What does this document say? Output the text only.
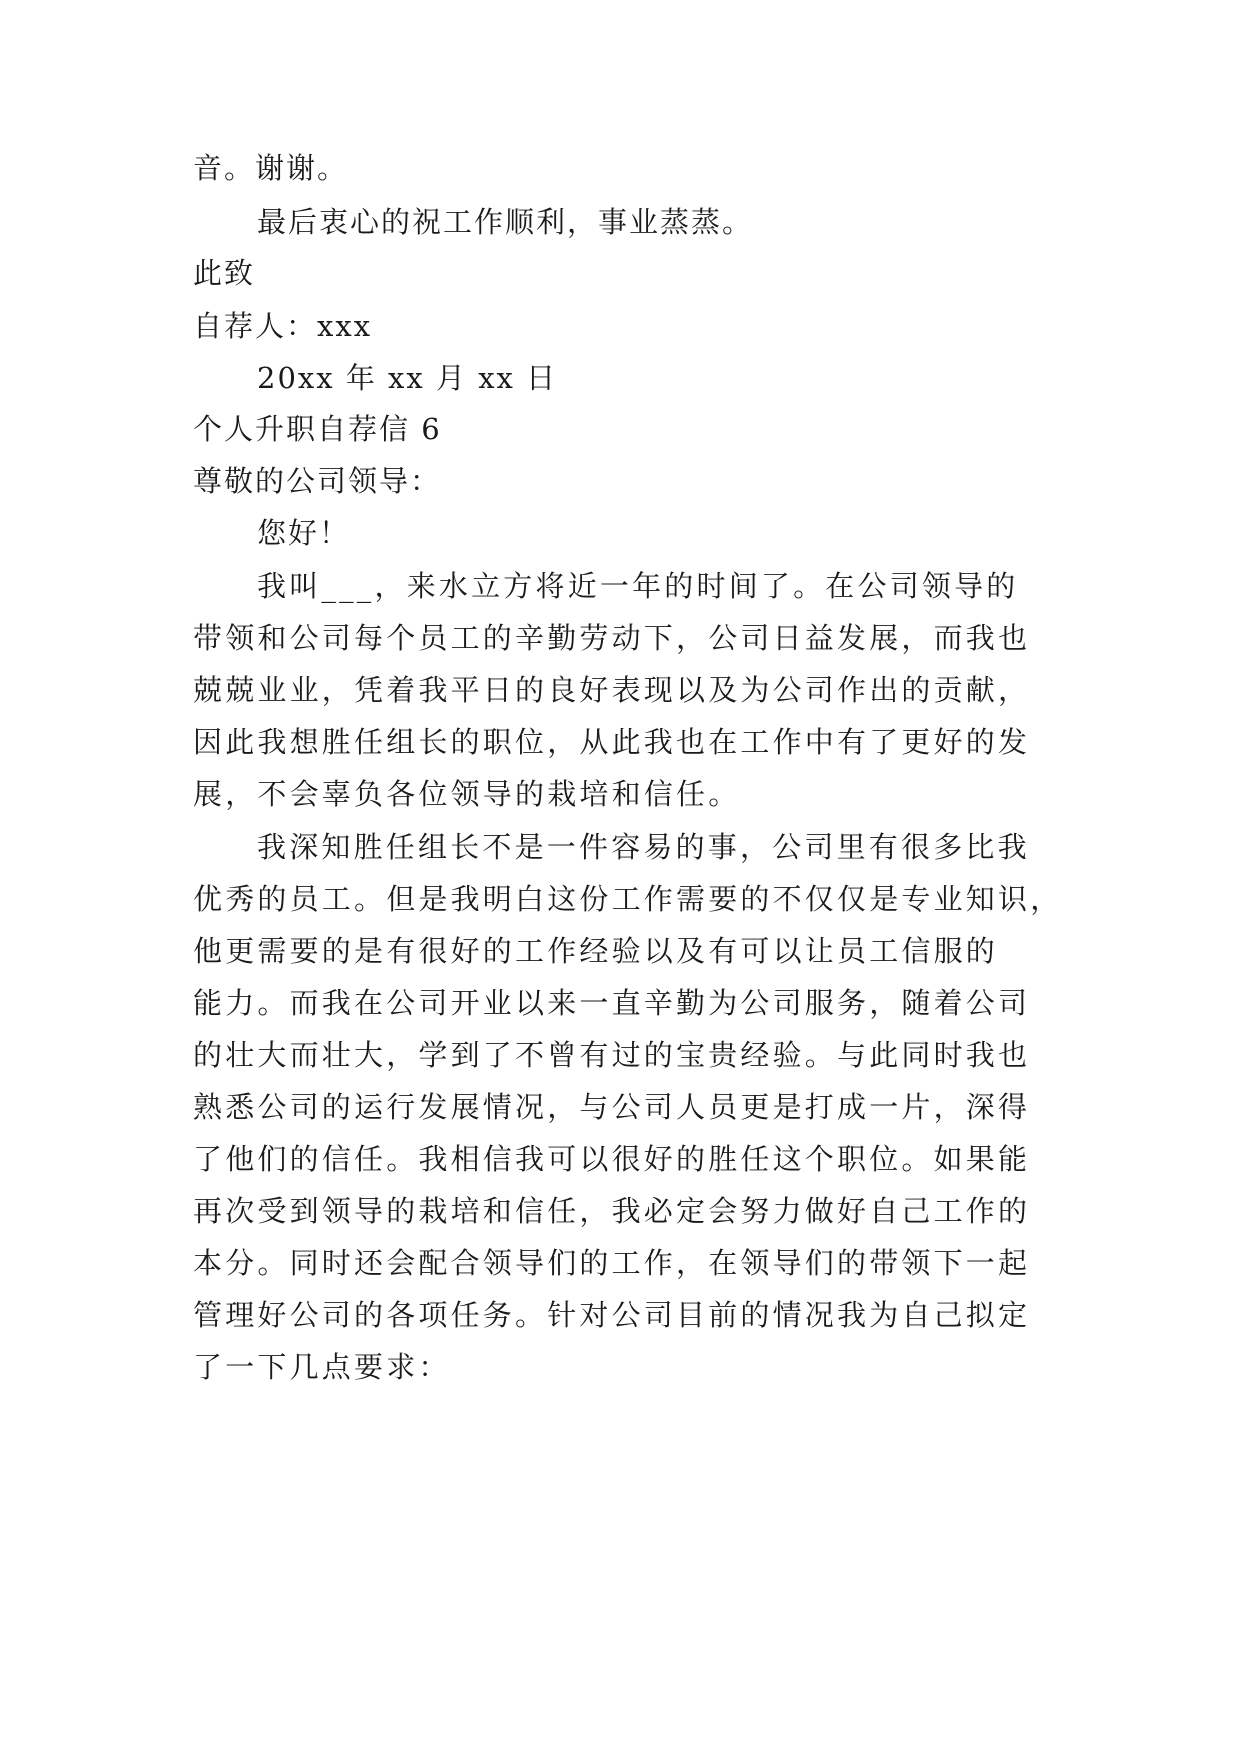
音。谢谢。
最后衷心的祝工作顺利，事业蒸蒸。
此致
自荐人：xxx
20xx 年 xx 月 xx 日
个人升职自荐信 6
尊敬的公司领导：
您好！
我叫___，来水立方将近一年的时间了。在公司领导的
带领和公司每个员工的辛勤劳动下，公司日益发展，而我也
兢兢业业，凭着我平日的良好表现以及为公司作出的贡献，
因此我想胜任组长的职位，从此我也在工作中有了更好的发
展，不会辜负各位领导的栽培和信任。
我深知胜任组长不是一件容易的事，公司里有很多比我
优秀的员工。但是我明白这份工作需要的不仅仅是专业知识，
他更需要的是有很好的工作经验以及有可以让员工信服的
能力。而我在公司开业以来一直辛勤为公司服务，随着公司
的壮大而壮大，学到了不曾有过的宝贵经验。与此同时我也
熟悉公司的运行发展情况，与公司人员更是打成一片，深得
了他们的信任。我相信我可以很好的胜任这个职位。如果能
再次受到领导的栽培和信任，我必定会努力做好自己工作的
本分。同时还会配合领导们的工作，在领导们的带领下一起
管理好公司的各项任务。针对公司目前的情况我为自己拟定
了一下几点要求：
